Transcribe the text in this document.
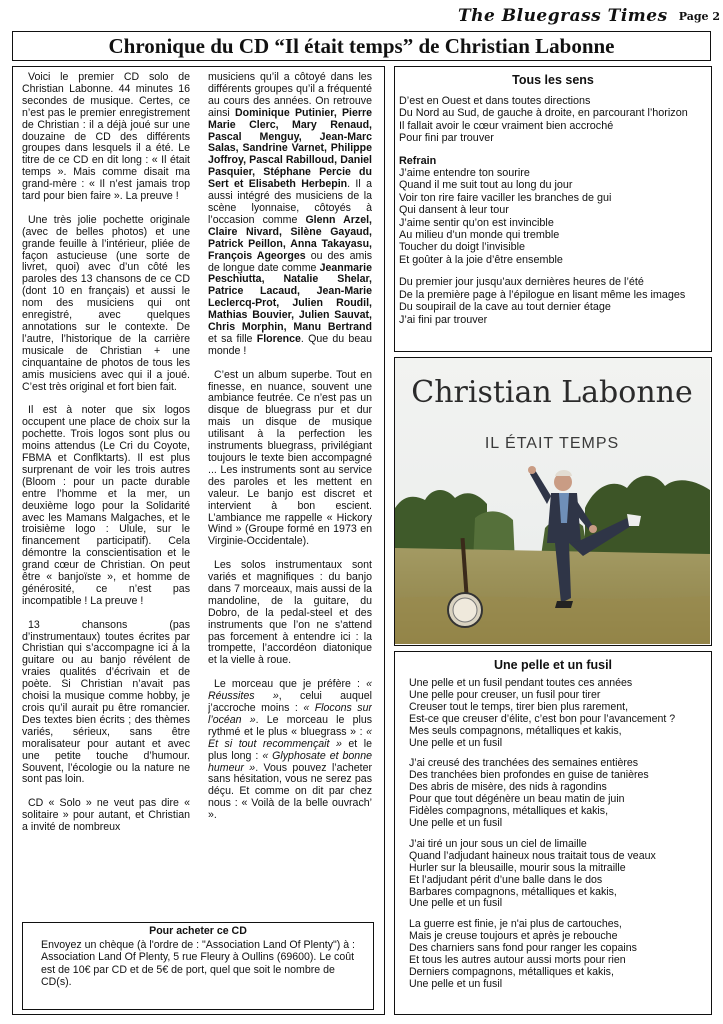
The Bluegrass Times Page 2
Chronique du CD “Il était temps” de Christian Labonne

Voici le premier CD solo de Christian Labonne. 44 minutes 16 secondes de musique. Certes, ce n’est pas le premier enregistrement de Christian : il a déjà joué sur une douzaine de CD des différents groupes dans lesquels il a été. Le titre de ce CD en dit long : « Il était temps ». Mais comme disait ma grand-mère : « Il n’est jamais trop tard pour bien faire ». La preuve !

Une très jolie pochette originale (avec de belles photos) et une grande feuille à l’intérieur, pliée de façon astucieuse (une sorte de livret, quoi) avec d’un côté les paroles des 13 chansons de ce CD (dont 10 en français) et aussi le nom des musiciens qui ont enregistré, avec quelques annotations sur le contexte. De l’autre, l’historique de la carrière musicale de Christian + une cinquantaine de photos de tous les amis musiciens avec qui il a joué. C’est très original et fort bien fait.

Il est à noter que six logos occupent une place de choix sur la pochette. Trois logos sont plus ou moins attendus (Le Cri du Coyote, FBMA et Conflktarts). Il est plus surprenant de voir les trois autres (Bloom : pour un pacte durable entre l’homme et la mer, un deuxième logo pour la Solidarité avec les Mamans Malgaches, et le troisième logo : Ulule, sur le financement participatif). Cela démontre la conscientisation et le grand cœur de Christian. On peut être « banjoïste », et homme de générosité, ce n’est pas incompatible ! La preuve !

13 chansons (pas d’instrumentaux) toutes écrites par Christian qui s’accompagne ici à la guitare ou au banjo révélent de vraies qualités d’écrivain et de poète. Si Christian n’avait pas choisi la musique comme hobby, je crois qu’il aurait pu être romancier. Des textes bien écrits ; des thèmes variés, sérieux, sans être moralisateur pour autant et avec une petite touche d’humour. Souvent, l’écologie ou la nature ne sont pas loin.

CD « Solo » ne veut pas dire « solitaire » pour autant, et Christian a invité de nombreux

musiciens qu’il a côtoyé dans les différents groupes qu’il a fréquenté au cours des années. On retrouve ainsi Dominique Putinier, Pierre Marie Clerc, Mary Renaud, Pascal Menguy, Jean-Marc Salas, Sandrine Varnet, Philippe Joffroy, Pascal Rabilloud, Daniel Pasquier, Stéphane Percie du Sert et Elisabeth Herbepin. Il a aussi intégré des musiciens de la scène lyonnaise, côtoyés à l’occasion comme Glenn Arzel, Claire Nivard, Silène Gayaud, Patrick Peillon, Anna Takayasu, François Ageorges ou des amis de longue date comme Jeanmarie Peschiutta, Natalie Shelar, Patrice Lacaud, Jean-Marie Leclercq-Prot, Julien Roudil, Mathias Bouvier, Julien Sauvat, Chris Morphin, Manu Bertrand et sa fille Florence. Que du beau monde !

C’est un album superbe. Tout en finesse, en nuance, souvent une ambiance feutrée. Ce n’est pas un disque de bluegrass pur et dur mais un disque de musique utilisant à la perfection les instruments bluegrass, privilégiant toujours le texte bien accompagné ... Les instruments sont au service des paroles et les mettent en valeur. Le banjo est discret et intervient à bon escient. L’ambiance me rappelle « Hickory Wind » (Groupe formé en 1973 en Virginie-Occidentale).

Les solos instrumentaux sont variés et magnifiques : du banjo dans 7 morceaux, mais aussi de la mandoline, de la guitare, du Dobro, de la pedal-steel et des instruments que l’on ne s’attend pas forcement à entendre ici : la trompette, l’accordéon diatonique et la vielle à roue.

Le morceau que je préfère : « Réussites », celui auquel j’accroche moins : « Flocons sur l’océan ». Le morceau le plus rythmé et le plus « bluegrass » : « Et si tout recommençait » et le plus long : « Glyphosate et bonne humeur ». Vous pouvez l’acheter sans hésitation, vous ne serez pas déçu. Et comme on dit par chez nous : « Voilà de la belle ouvrach’ ».

Pour acheter ce CD
Envoyez un chèque (à l'ordre de : "Association Land Of Plenty") à : Association Land Of Plenty, 5 rue Fleury à Oullins (69600). Le coût est de 10€ par CD et de 5€ de port, quel que soit le nombre de CD(s).
Tous les sens
D’est en Ouest et dans toutes directions
Du Nord au Sud, de gauche à droite, en parcourant l’horizon
Il fallait avoir le cœur vraiment bien accroché
Pour fini par trouver
Refrain
J’aime entendre ton sourire
Quand il me suit tout au long du jour
Voir ton rire faire vaciller les branches de gui
Qui dansent à leur tour
J’aime sentir qu’on est invincible
Au milieu d’un monde qui tremble
Toucher du doigt l’invisible
Et goûter à la joie d’être ensemble
Du premier jour jusqu’aux dernières heures de l’été
De la première page à l’épilogue en lisant même les images
Du soupirail de la cave au tout dernier étage
J’ai fini par trouver
Christian Labonne
IL ÉTAIT TEMPS
Une pelle et un fusil
Une pelle et un fusil pendant toutes ces années
Une pelle pour creuser, un fusil pour tirer
Creuser tout le temps, tirer bien plus rarement,
Est-ce que creuser d’élite, c’est bon pour l’avancement ?
Mes seuls compagnons, métalliques et kakis,
Une pelle et un fusil
J’ai creusé des tranchées des semaines entières
Des tranchées bien profondes en guise de tanières
Des abris de misère, des nids à ragondins
Pour que tout dégénère un beau matin de juin
Fidèles compagnons, métalliques et kakis,
Une pelle et un fusil
J’ai tiré un jour sous un ciel de limaille
Quand l’adjudant haineux nous traitait tous de veaux
Hurler sur la bleusaille, mourir sous la mitraille
Et l’adjudant périt d’une balle dans le dos
Barbares compagnons, métalliques et kakis,
Une pelle et un fusil
La guerre est finie, je n'ai plus de cartouches,
Mais je creuse toujours et après je rebouche
Des charniers sans fond pour ranger les copains
Et tous les autres autour aussi morts pour rien
Derniers compagnons, métalliques et kakis,
Une pelle et un fusil
